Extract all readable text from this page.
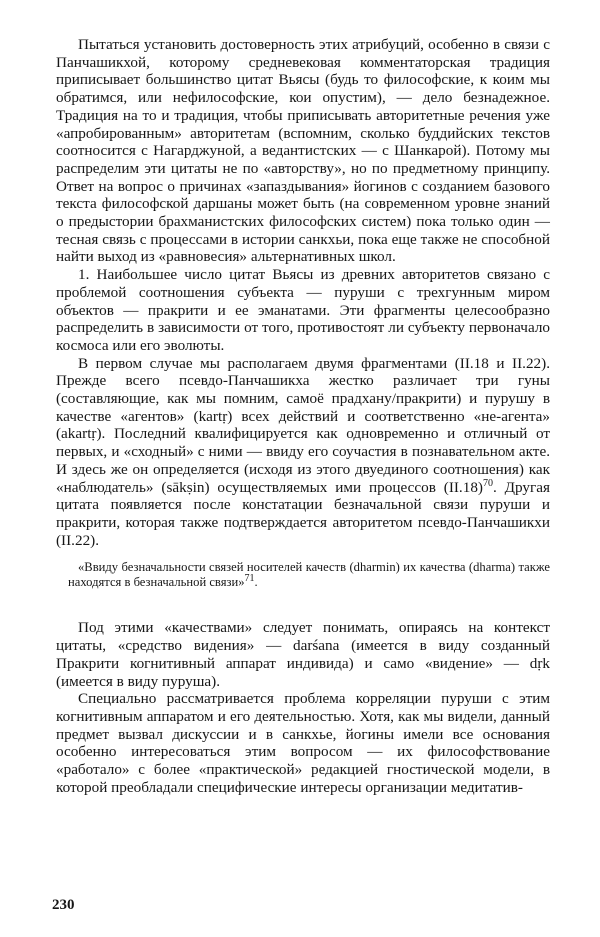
Пытаться установить достоверность этих атрибуций, особенно в связи с Панчашикхой, которому средневековая комментаторская традиция приписывает большинство цитат Вьясы (будь то философские, к коим мы обратимся, или нефилософские, кои опустим), — дело безнадежное. Традиция на то и традиция, чтобы приписывать авторитетные речения уже «апробированным» авторитетам (вспомним, сколько буддийских текстов соотносится с Нагарджуной, а ведантистских — с Шанкарой). Потому мы распределим эти цитаты не по «авторству», но по предметному принципу. Ответ на вопрос о причинах «запаздывания» йогинов с созданием базового текста философской даршаны может быть (на современном уровне знаний о предыстории брахманистских философских систем) пока только один — тесная связь с процессами в истории санкхьи, пока еще также не способной найти выход из «равновесия» альтернативных школ.

1. Наибольшее число цитат Вьясы из древних авторитетов связано с проблемой соотношения субъекта — пуруши с трехгунным миром объектов — пракрити и ее эманатами. Эти фрагменты целесообразно распределить в зависимости от того, противостоят ли субъекту первоначало космоса или его эволюты.

В первом случае мы располагаем двумя фрагментами (II.18 и II.22). Прежде всего псевдо-Панчашикха жестко различает три гуны (составляющие, как мы помним, самоё прадхану/пракрити) и пурушу в качестве «агентов» (kartṛ) всех действий и соответственно «не-агента» (akartṛ). Последний квалифицируется как одновременно и отличный от первых, и «сходный» с ними — ввиду его соучастия в познавательном акте. И здесь же он определяется (исходя из этого двуединого соотношения) как «наблюдатель» (sākṣin) осуществляемых ими процессов $(II.18)^{70}$. Другая цитата появляется после констатации безначальной связи пуруши и пракрити, которая также подтверждается авторитетом псевдо-Панчашикхи (II.22).

«Ввиду безначальности связей носителей качеств (dharmin) их качества (dharma) также находятся в безначальной связи»$^{71}$.

Под этими «качествами» следует понимать, опираясь на контекст цитаты, «средство видения» — darśana (имеется в виду созданный Пракрити когнитивный аппарат индивида) и само «видение» — dṛk (имеется в виду пуруша).

Специально рассматривается проблема корреляции пуруши с этим когнитивным аппаратом и его деятельностью. Хотя, как мы видели, данный предмет вызвал дискуссии и в санкхье, йогины имели все основания особенно интересоваться этим вопросом — их философствование «работало» с более «практической» редакцией гностической модели, в которой преобладали специфические интересы организации медитатив-

230
